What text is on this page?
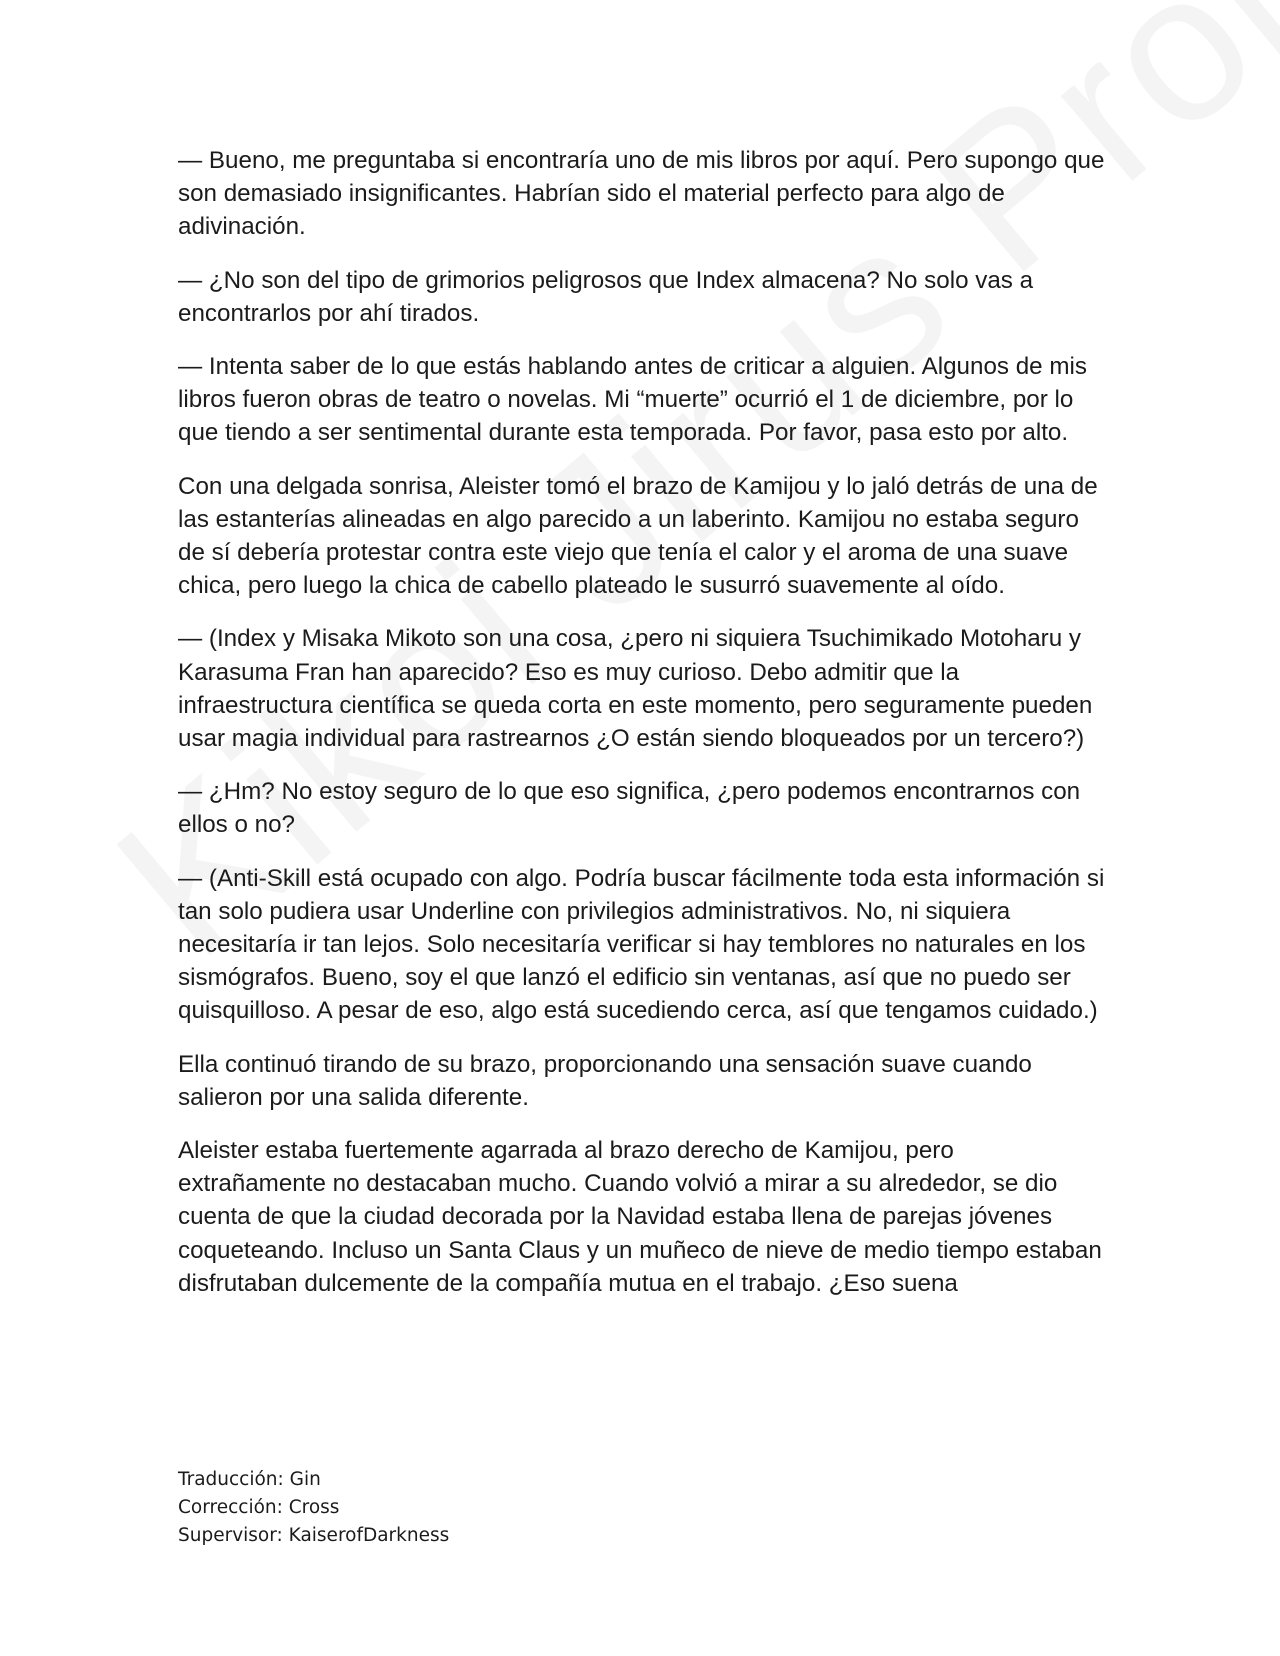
— Bueno, me preguntaba si encontraría uno de mis libros por aquí. Pero supongo que son demasiado insignificantes. Habrían sido el material perfecto para algo de adivinación.

— ¿No son del tipo de grimorios peligrosos que Index almacena? No solo vas a encontrarlos por ahí tirados.

— Intenta saber de lo que estás hablando antes de criticar a alguien. Algunos de mis libros fueron obras de teatro o novelas. Mi “muerte” ocurrió el 1 de diciembre, por lo que tiendo a ser sentimental durante esta temporada. Por favor, pasa esto por alto.

Con una delgada sonrisa, Aleister tomó el brazo de Kamijou y lo jaló detrás de una de las estanterías alineadas en algo parecido a un laberinto. Kamijou no estaba seguro de sí debería protestar contra este viejo que tenía el calor y el aroma de una suave chica, pero luego la chica de cabello plateado le susurró suavemente al oído.

— (Index y Misaka Mikoto son una cosa, ¿pero ni siquiera Tsuchimikado Motoharu y Karasuma Fran han aparecido? Eso es muy curioso. Debo admitir que la infraestructura científica se queda corta en este momento, pero seguramente pueden usar magia individual para rastrearnos ¿O están siendo bloqueados por un tercero?)

— ¿Hm? No estoy seguro de lo que eso significa, ¿pero podemos encontrarnos con ellos o no?

— (Anti-Skill está ocupado con algo. Podría buscar fácilmente toda esta información si tan solo pudiera usar Underline con privilegios administrativos. No, ni siquiera necesitaría ir tan lejos. Solo necesitaría verificar si hay temblores no naturales en los sismógrafos. Bueno, soy el que lanzó el edificio sin ventanas, así que no puedo ser quisquilloso. A pesar de eso, algo está sucediendo cerca, así que tengamos cuidado.)

Ella continuó tirando de su brazo, proporcionando una sensación suave cuando salieron por una salida diferente.

Aleister estaba fuertemente agarrada al brazo derecho de Kamijou, pero extrañamente no destacaban mucho. Cuando volvió a mirar a su alrededor, se dio cuenta de que la ciudad decorada por la Navidad estaba llena de parejas jóvenes coqueteando. Incluso un Santa Claus y un muñeco de nieve de medio tiempo estaban disfrutaban dulcemente de la compañía mutua en el trabajo. ¿Eso suena

Traducción: Gin
Corrección: Cross
Supervisor: KaiserofDarkness
